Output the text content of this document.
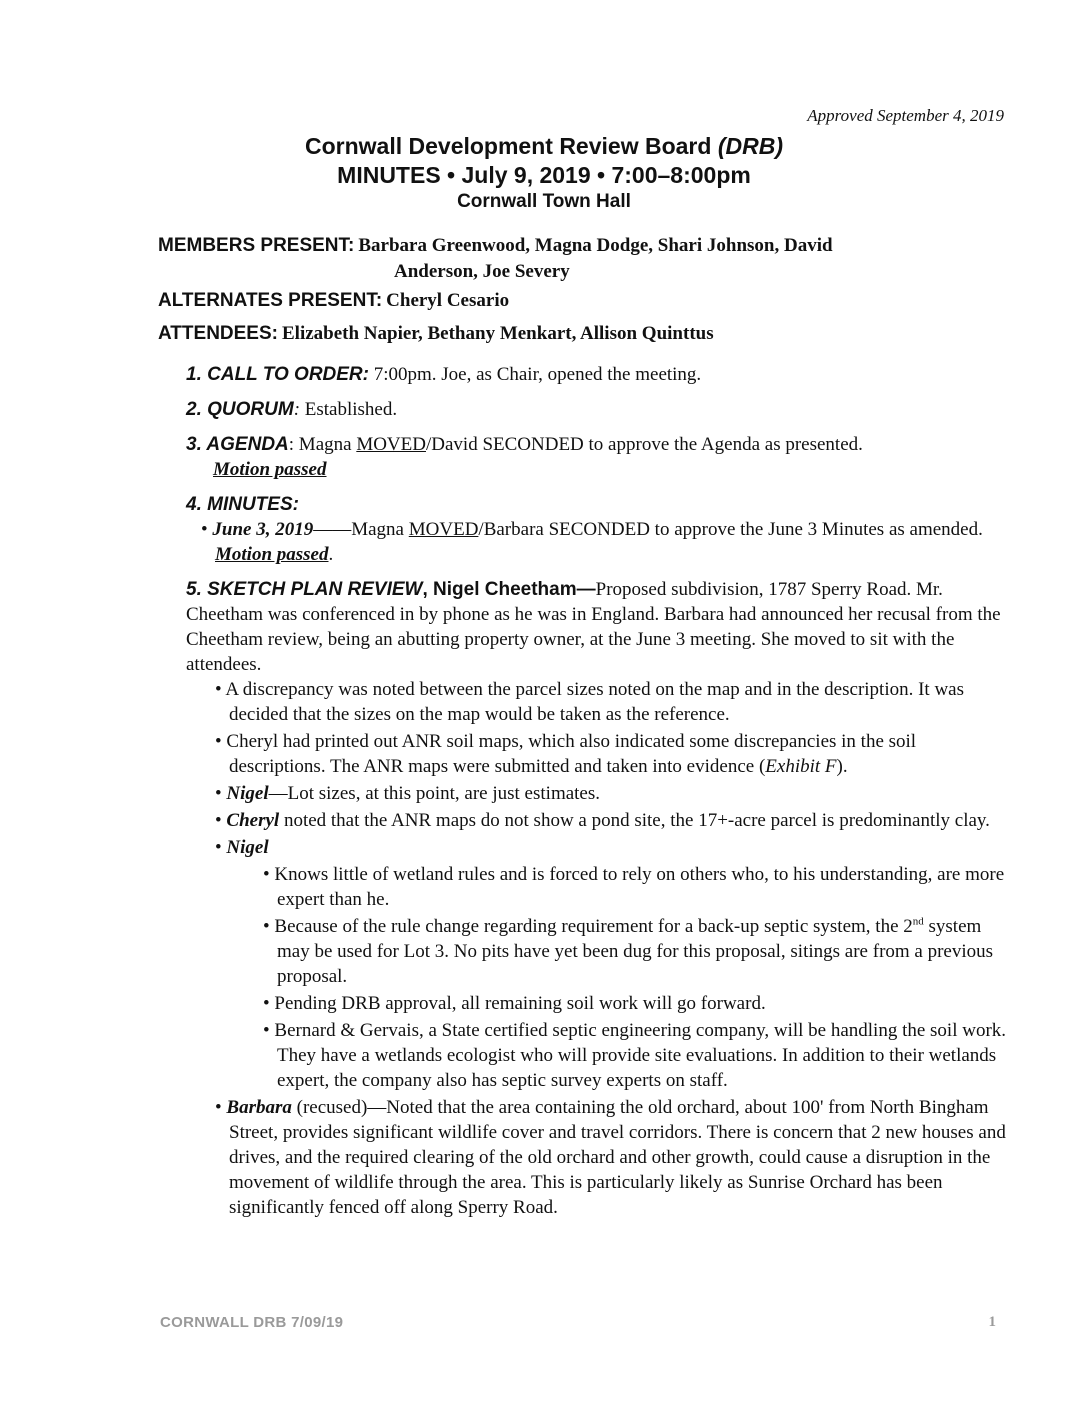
Approved September 4, 2019
Cornwall Development Review Board (DRB)
MINUTES • July 9, 2019 • 7:00–8:00pm
Cornwall Town Hall
MEMBERS PRESENT: Barbara Greenwood, Magna Dodge, Shari Johnson, David
Anderson, Joe Severy
ALTERNATES PRESENT: Cheryl Cesario
ATTENDEES: Elizabeth Napier, Bethany Menkart, Allison Quinttus
1. CALL TO ORDER: 7:00pm. Joe, as Chair, opened the meeting.
2. QUORUM: Established.
3. AGENDA: Magna MOVED/David SECONDED to approve the Agenda as presented.
Motion passed
4. MINUTES:
• June 3, 2019——Magna MOVED/Barbara SECONDED to approve the June 3 Minutes as amended. Motion passed.
5. SKETCH PLAN REVIEW, Nigel Cheetham—Proposed subdivision, 1787 Sperry Road. Mr. Cheetham was conferenced in by phone as he was in England. Barbara had announced her recusal from the Cheetham review, being an abutting property owner, at the June 3 meeting. She moved to sit with the attendees.
• A discrepancy was noted between the parcel sizes noted on the map and in the description. It was decided that the sizes on the map would be taken as the reference.
• Cheryl had printed out ANR soil maps, which also indicated some discrepancies in the soil descriptions. The ANR maps were submitted and taken into evidence (Exhibit F).
• Nigel—Lot sizes, at this point, are just estimates.
• Cheryl noted that the ANR maps do not show a pond site, the 17+-acre parcel is predominantly clay.
• Nigel
• Knows little of wetland rules and is forced to rely on others who, to his understanding, are more expert than he.
• Because of the rule change regarding requirement for a back-up septic system, the 2nd system may be used for Lot 3. No pits have yet been dug for this proposal, sitings are from a previous proposal.
• Pending DRB approval, all remaining soil work will go forward.
• Bernard & Gervais, a State certified septic engineering company, will be handling the soil work. They have a wetlands ecologist who will provide site evaluations. In addition to their wetlands expert, the company also has septic survey experts on staff.
• Barbara (recused)—Noted that the area containing the old orchard, about 100' from North Bingham Street, provides significant wildlife cover and travel corridors. There is concern that 2 new houses and drives, and the required clearing of the old orchard and other growth, could cause a disruption in the movement of wildlife through the area. This is particularly likely as Sunrise Orchard has been significantly fenced off along Sperry Road.
CORNWALL DRB 7/09/19	1
